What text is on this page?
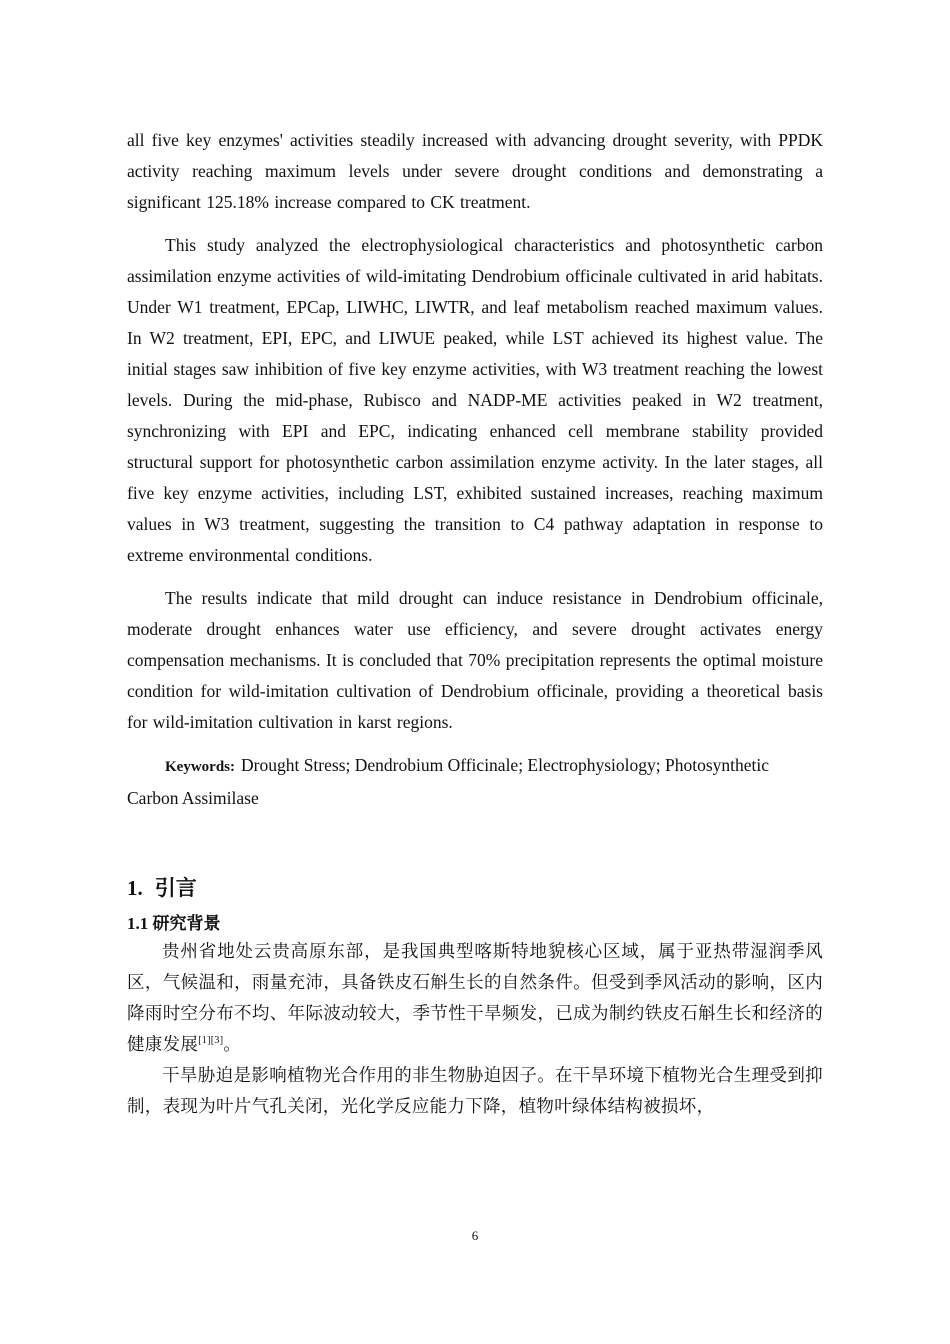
all five key enzymes' activities steadily increased with advancing drought severity, with PPDK activity reaching maximum levels under severe drought conditions and demonstrating a significant 125.18% increase compared to CK treatment.

This study analyzed the electrophysiological characteristics and photosynthetic carbon assimilation enzyme activities of wild-imitating Dendrobium officinale cultivated in arid habitats. Under W1 treatment, EPCap, LIWHC, LIWTR, and leaf metabolism reached maximum values. In W2 treatment, EPI, EPC, and LIWUE peaked, while LST achieved its highest value. The initial stages saw inhibition of five key enzyme activities, with W3 treatment reaching the lowest levels. During the mid-phase, Rubisco and NADP-ME activities peaked in W2 treatment, synchronizing with EPI and EPC, indicating enhanced cell membrane stability provided structural support for photosynthetic carbon assimilation enzyme activity. In the later stages, all five key enzyme activities, including LST, exhibited sustained increases, reaching maximum values in W3 treatment, suggesting the transition to C4 pathway adaptation in response to extreme environmental conditions.

The results indicate that mild drought can induce resistance in Dendrobium officinale, moderate drought enhances water use efficiency, and severe drought activates energy compensation mechanisms. It is concluded that 70% precipitation represents the optimal moisture condition for wild-imitation cultivation of Dendrobium officinale, providing a theoretical basis for wild-imitation cultivation in karst regions.

Keywords: Drought Stress; Dendrobium Officinale; Electrophysiology; Photosynthetic Carbon Assimilase

1. 引言
1.1 研究背景

贵州省地处云贵高原东部，是我国典型喀斯特地貌核心区域，属于亚热带湿润季风区，气候温和，雨量充沛，具备铁皮石斛生长的自然条件。但受到季风活动的影响，区内降雨时空分布不均、年际波动较大，季节性干旱频发，已成为制约铁皮石斛生长和经济的健康发展[1][3]。

干旱胁迫是影响植物光合作用的非生物胁迫因子。在干旱环境下植物光合生理受到抑制，表现为叶片气孔关闭，光化学反应能力下降，植物叶绿体结构被损坏，

6
